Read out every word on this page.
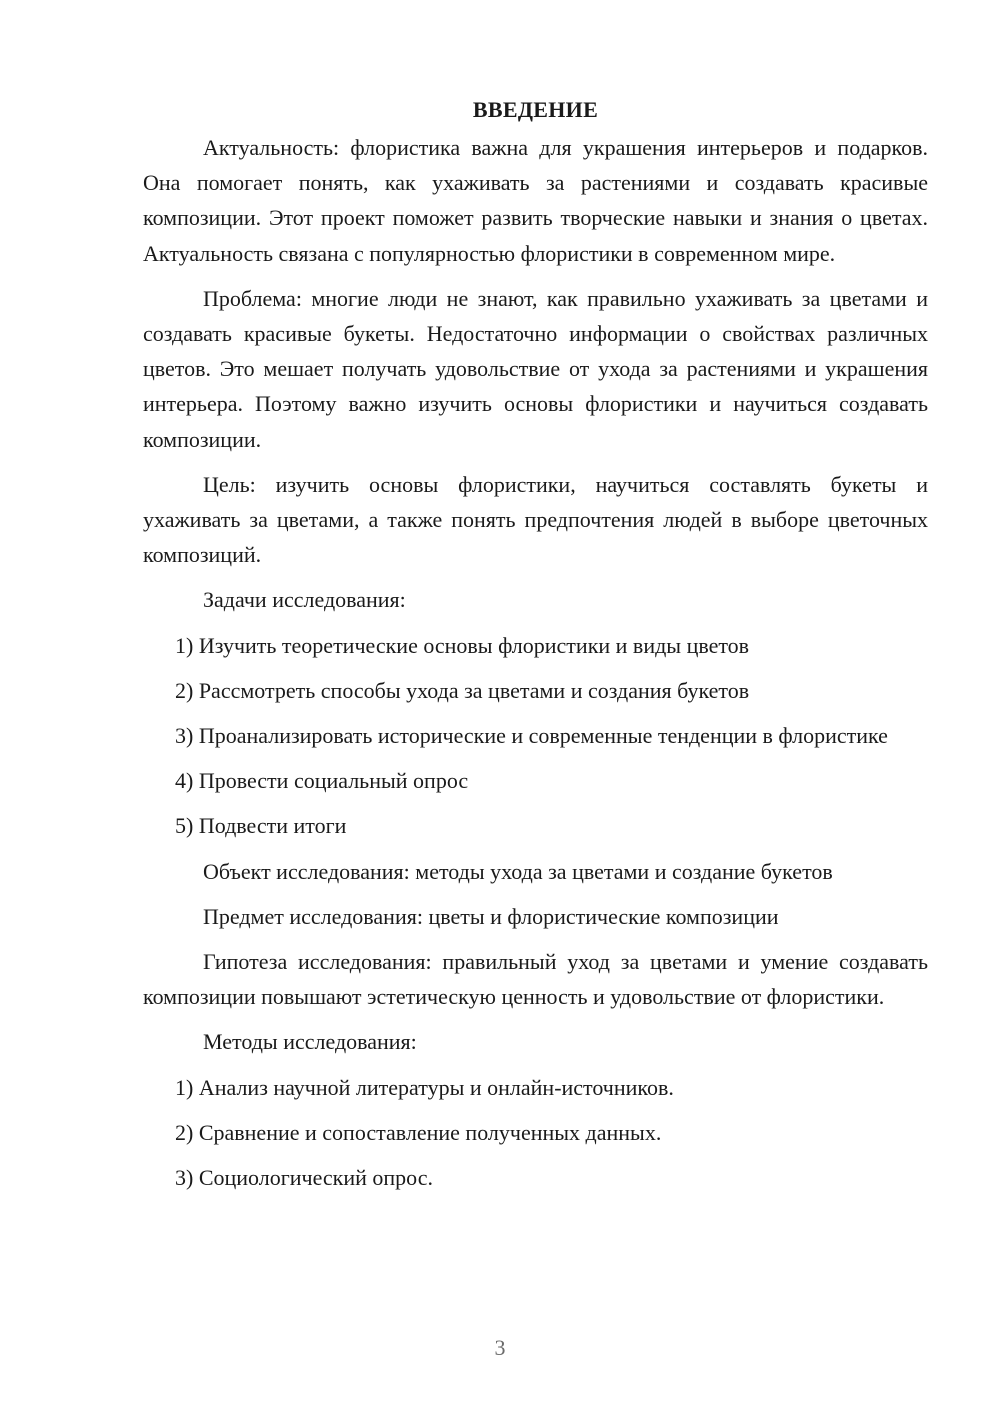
ВВЕДЕНИЕ

Актуальность: флористика важна для украшения интерьеров и подарков. Она помогает понять, как ухаживать за растениями и создавать красивые композиции. Этот проект поможет развить творческие навыки и знания о цветах. Актуальность связана с популярностью флористики в современном мире.

Проблема: многие люди не знают, как правильно ухаживать за цветами и создавать красивые букеты. Недостаточно информации о свойствах различных цветов. Это мешает получать удовольствие от ухода за растениями и украшения интерьера. Поэтому важно изучить основы флористики и научиться создавать композиции.

Цель: изучить основы флористики, научиться составлять букеты и ухаживать за цветами, а также понять предпочтения людей в выборе цветочных композиций.

Задачи исследования:

1) Изучить теоретические основы флористики и виды цветов

2) Рассмотреть способы ухода за цветами и создания букетов

3) Проанализировать исторические и современные тенденции в флористике

4) Провести социальный опрос

5) Подвести итоги

Объект исследования: методы ухода за цветами и создание букетов

Предмет исследования: цветы и флористические композиции

Гипотеза исследования: правильный уход за цветами и умение создавать композиции повышают эстетическую ценность и удовольствие от флористики.

Методы исследования:

1) Анализ научной литературы и онлайн-источников.

2) Сравнение и сопоставление полученных данных.

3) Социологический опрос.

3
